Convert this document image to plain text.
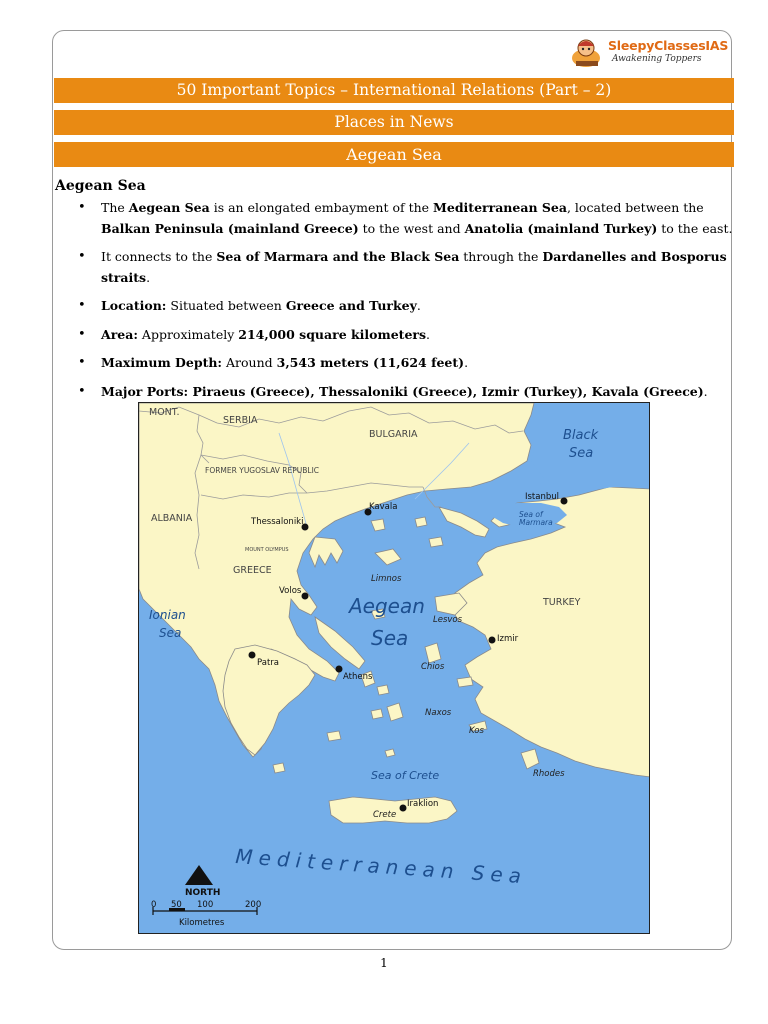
SleepyClassesIAS
Awakening Toppers
50 Important Topics – International Relations (Part – 2)
Places in News
Aegean Sea
Aegean Sea
• The Aegean Sea is an elongated embayment of the Mediterranean Sea, located between the Balkan Peninsula (mainland Greece) to the west and Anatolia (mainland Turkey) to the east.
• It connects to the Sea of Marmara and the Black Sea through the Dardanelles and Bosporus straits.
• Location: Situated between Greece and Turkey.
• Area: Approximately 214,000 square kilometers.
• Maximum Depth: Around 3,543 meters (11,624 feet).
• Major Ports: Piraeus (Greece), Thessaloniki (Greece), Izmir (Turkey), Kavala (Greece).
MONT.
SERBIA
BULGARIA
FORMER YUGOSLAV REPUBLIC
ALBANIA
GREECE
TURKEY
MOUNT OLYMPUS
Istanbul
Kavala
Thessaloniki
Volos
Izmir
Patra
Athens
Iraklion
Limnos
Lesvos
Chios
Naxos
Kos
Rhodes
Crete
Black
Sea
Sea of
Marmara
Aegean
Sea
Ionian
Sea
Sea of Crete
Mediterranean Sea
NORTH
0 50 100	200
Kilometres
1
